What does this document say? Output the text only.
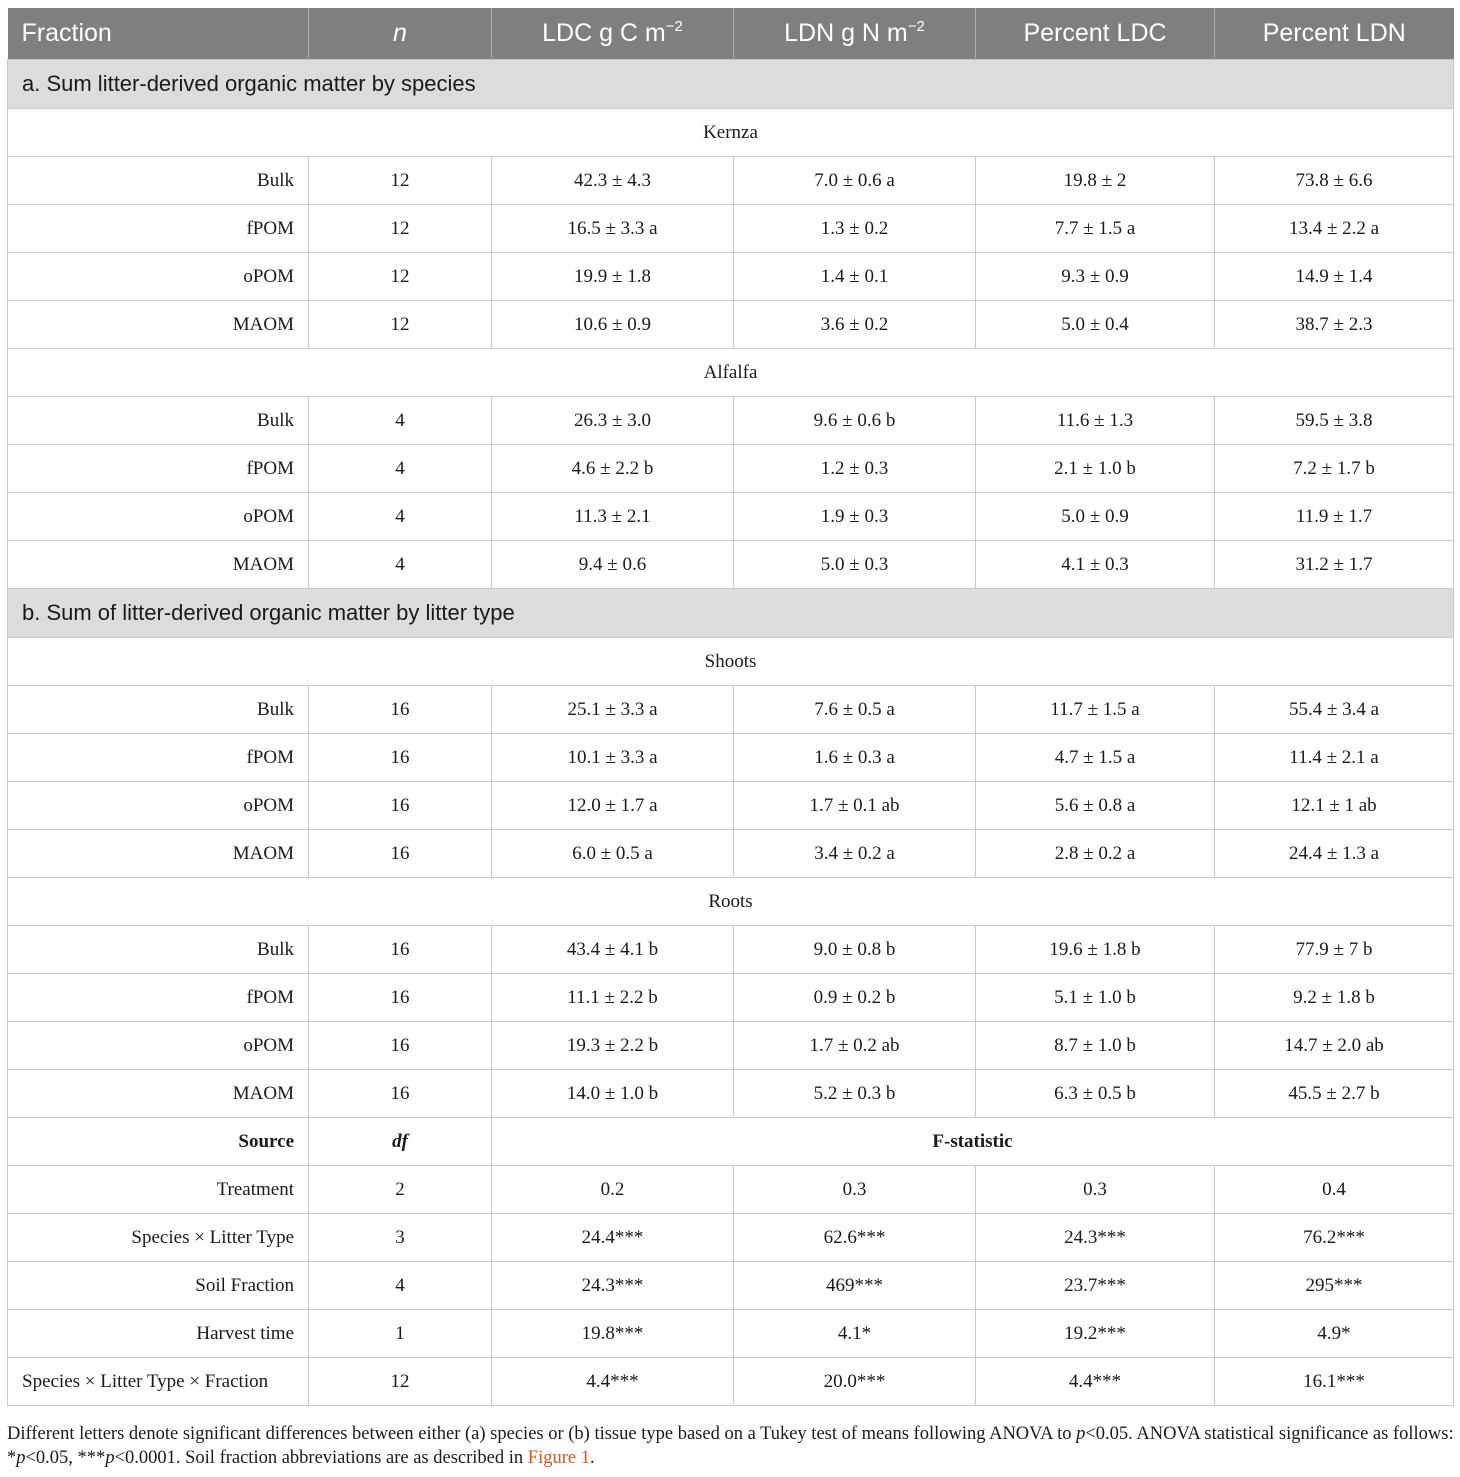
Fraction	n	LDC g C $m^{-2}$	LDN g N $m^{-2}$	Percent LDC	Percent LDN
a. Sum litter-derived organic matter by species					
Kernza					
Bulk	12	42.3 ± 4.3	7.0 ± 0.6 a	19.8 ± 2	73.8 ± 6.6
fPOM	12	16.5 ± 3.3 a	1.3 ± 0.2	7.7 ± 1.5 a	13.4 ± 2.2 a
oPOM	12	19.9 ± 1.8	1.4 ± 0.1	9.3 ± 0.9	14.9 ± 1.4
MAOM	12	10.6 ± 0.9	3.6 ± 0.2	5.0 ± 0.4	38.7 ± 2.3
Alfalfa					
Bulk	4	26.3 ± 3.0	9.6 ± 0.6 b	11.6 ± 1.3	59.5 ± 3.8
fPOM	4	4.6 ± 2.2 b	1.2 ± 0.3	2.1 ± 1.0 b	7.2 ± 1.7 b
oPOM	4	11.3 ± 2.1	1.9 ± 0.3	5.0 ± 0.9	11.9 ± 1.7
MAOM	4	9.4 ± 0.6	5.0 ± 0.3	4.1 ± 0.3	31.2 ± 1.7
b. Sum of litter-derived organic matter by litter type					
Shoots					
Bulk	16	25.1 ± 3.3 a	7.6 ± 0.5 a	11.7 ± 1.5 a	55.4 ± 3.4 a
fPOM	16	10.1 ± 3.3 a	1.6 ± 0.3 a	4.7 ± 1.5 a	11.4 ± 2.1 a
oPOM	16	12.0 ± 1.7 a	1.7 ± 0.1 ab	5.6 ± 0.8 a	12.1 ± 1 ab
MAOM	16	6.0 ± 0.5 a	3.4 ± 0.2 a	2.8 ± 0.2 a	24.4 ± 1.3 a
Roots					
Bulk	16	43.4 ± 4.1 b	9.0 ± 0.8 b	19.6 ± 1.8 b	77.9 ± 7 b
fPOM	16	11.1 ± 2.2 b	0.9 ± 0.2 b	5.1 ± 1.0 b	9.2 ± 1.8 b
oPOM	16	19.3 ± 2.2 b	1.7 ± 0.2 ab	8.7 ± 1.0 b	14.7 ± 2.0 ab
MAOM	16	14.0 ± 1.0 b	5.2 ± 0.3 b	6.3 ± 0.5 b	45.5 ± 2.7 b
Source	df	F-statistic			
Treatment	2	0.2	0.3	0.3	0.4
Species × Litter Type	3	24.4***	62.6***	24.3***	76.2***
Soil Fraction	4	24.3***	469***	23.7***	295***
Harvest time	1	19.8***	4.1*	19.2***	4.9*
Species × Litter Type × Fraction	12	4.4***	20.0***	4.4***	16.1***
Different letters denote significant differences between either (a) species or (b) tissue type based on a Tukey test of means following ANOVA to p<0.05. ANOVA statistical significance as follows:
*p<0.05, ***p<0.0001. Soil fraction abbreviations are as described in Figure 1.
